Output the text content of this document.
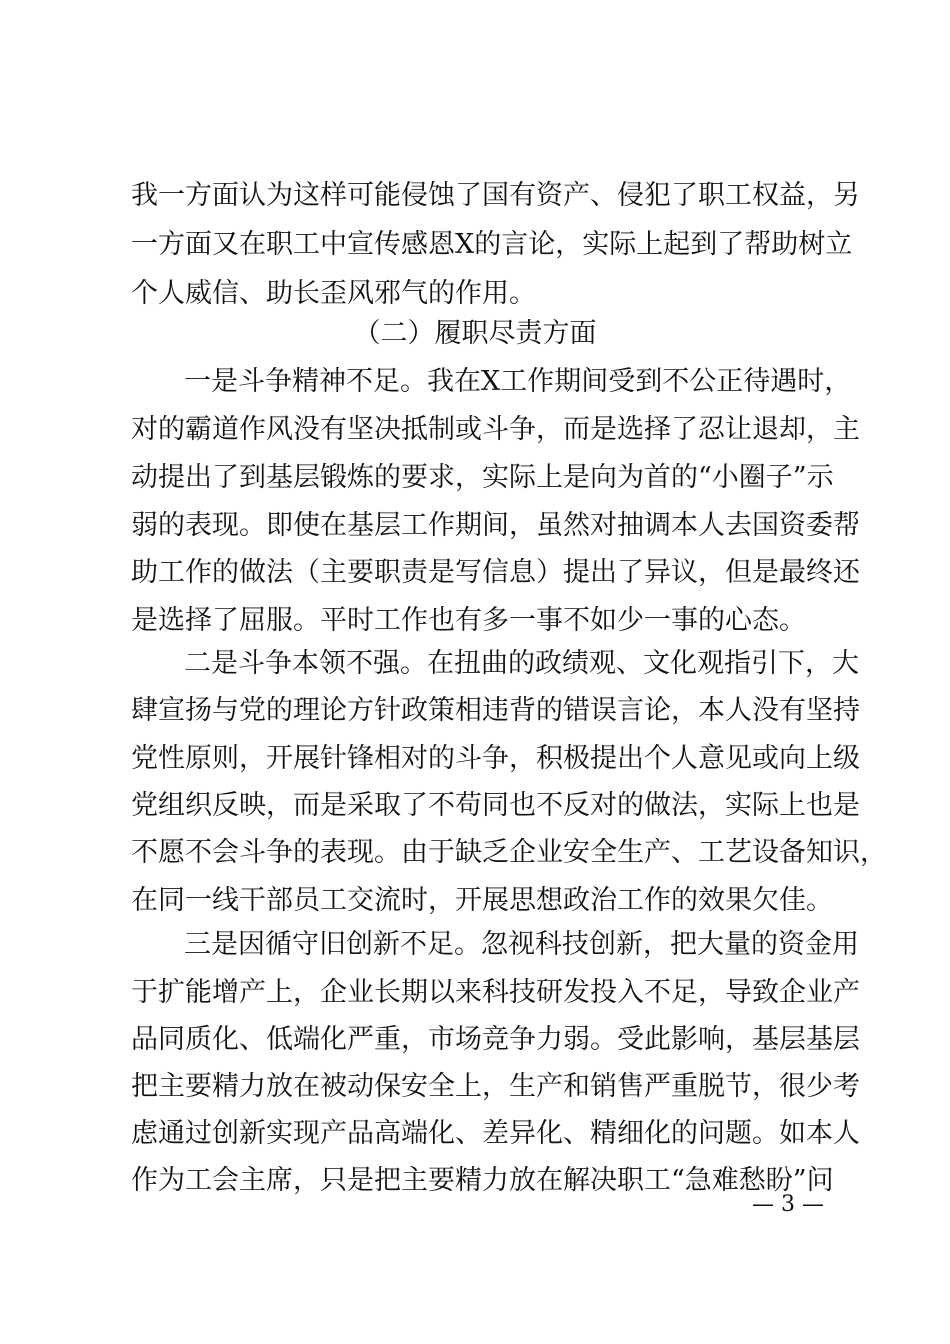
我一方面认为这样可能侵蚀了国有资产、侵犯了职工权益，另
一方面又在职工中宣传感恩X的言论，实际上起到了帮助树立
个人威信、助长歪风邪气的作用。
（二）履职尽责方面
一是斗争精神不足。我在X工作期间受到不公正待遇时，
对的霸道作风没有坚决抵制或斗争，而是选择了忍让退却，主
动提出了到基层锻炼的要求，实际上是向为首的“小圈子”示
弱的表现。即使在基层工作期间，虽然对抽调本人去国资委帮
助工作的做法（主要职责是写信息）提出了异议，但是最终还
是选择了屈服。平时工作也有多一事不如少一事的心态。
二是斗争本领不强。在扭曲的政绩观、文化观指引下，大
肆宣扬与党的理论方针政策相违背的错误言论，本人没有坚持
党性原则，开展针锋相对的斗争，积极提出个人意见或向上级
党组织反映，而是采取了不苟同也不反对的做法，实际上也是
不愿不会斗争的表现。由于缺乏企业安全生产、工艺设备知识，
在同一线干部员工交流时，开展思想政治工作的效果欠佳。
三是因循守旧创新不足。忽视科技创新，把大量的资金用
于扩能增产上，企业长期以来科技研发投入不足，导致企业产
品同质化、低端化严重，市场竞争力弱。受此影响，基层基层
把主要精力放在被动保安全上，生产和销售严重脱节，很少考
虑通过创新实现产品高端化、差异化、精细化的问题。如本人
作为工会主席，只是把主要精力放在解决职工“急难愁盼”问
— 3 —
